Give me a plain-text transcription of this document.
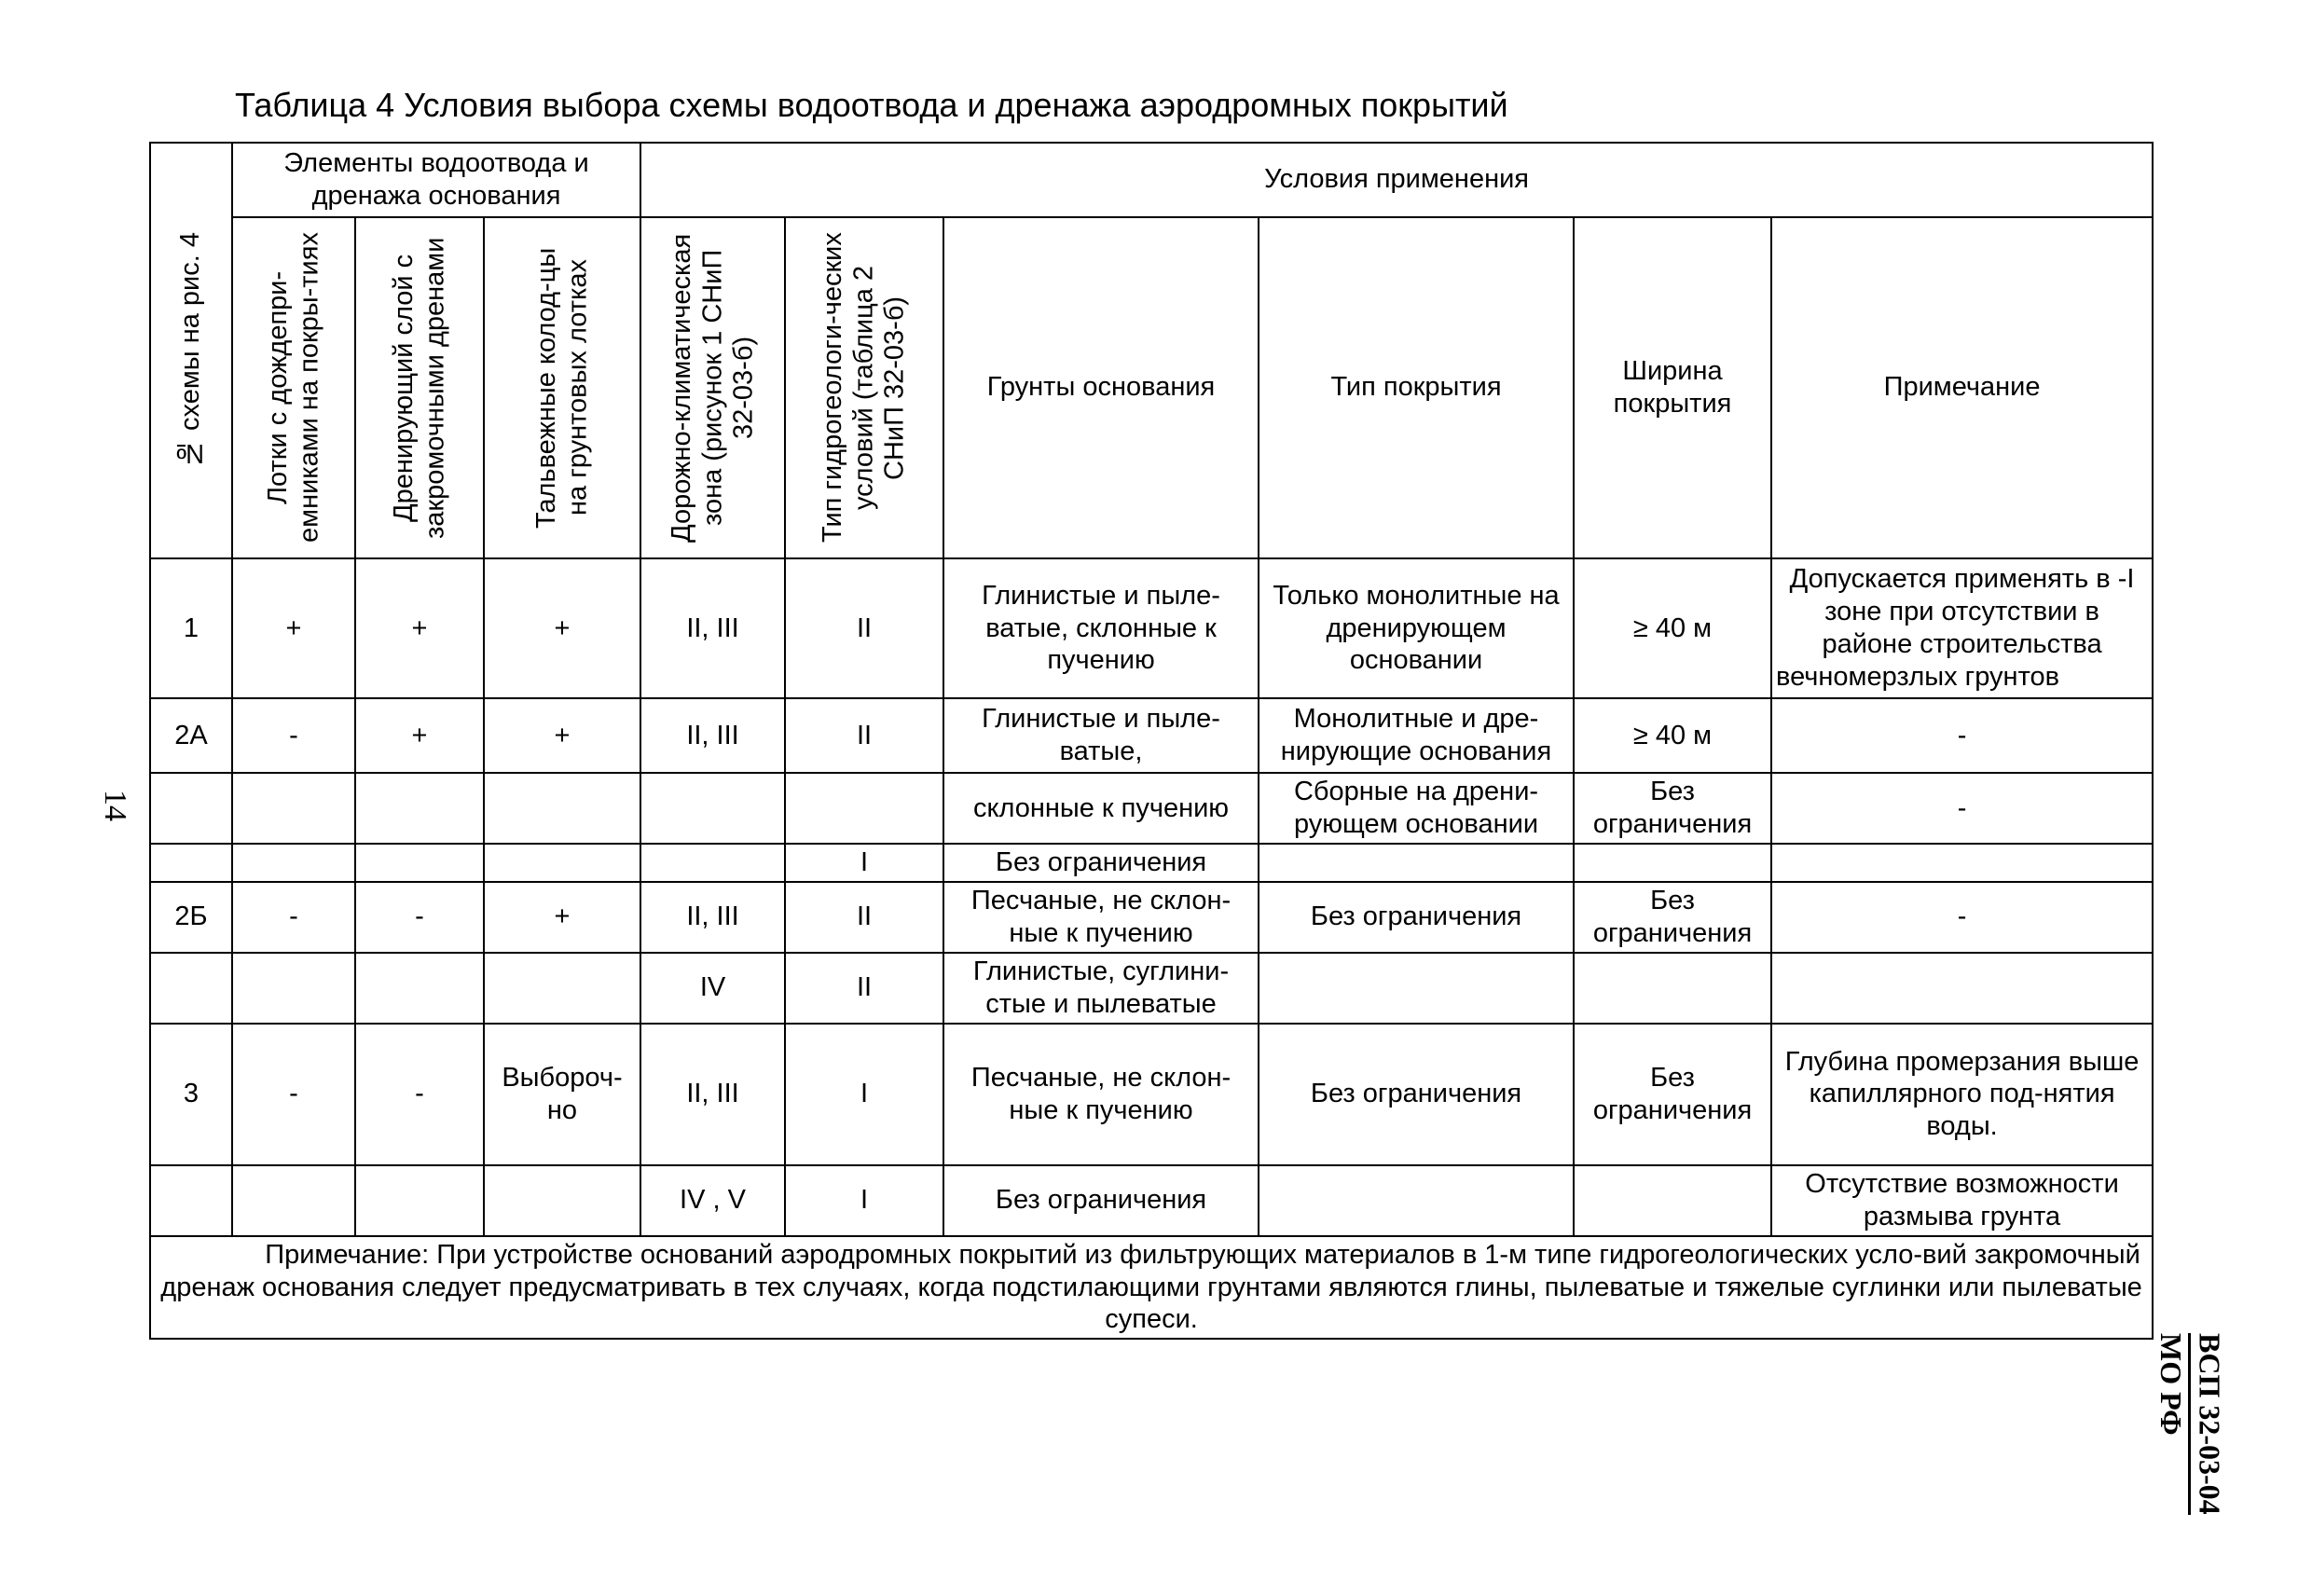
Таблица 4 Условия выбора схемы водоотвода и дренажа аэродромных покрытий
№ схемы на рис. 4	Элементы водоотвода и дренажа основания			Условия применения					

	Лотки с дождепри-емниками на покры-тиях	Дренирующий слой с закромочными дренами	Тальвежные колод-цы на грунтовых лотках	Дорожно-климатическая зона (рисунок 1 СНиП 32-03-б)	Тип гидрогеологи-ческих условий (таблица 2 СНиП 32-03-б)	Грунты основания	Тип покрытия	Ширина покрытия	Примечание
1	+	+	+	II, III	II	Глинистые и пыле-ватые, склонные к пучению	Только монолитные на дренирующем основании	≥ 40 м	Допускается применять в -I зоне при отсутствии в районе строительства вечномерзлых грунтов
2А	-	+	+	II, III	II	Глинистые и пыле-ватые,	Монолитные и дре-нирующие основания	≥ 40 м	-
						склонные к пучению	Сборные на дрени-рующем основании	Без ограничения	-
					I	Без ограничения			
2Б	-	-	+	II, III	II	Песчаные, не склон-ные к пучению	Без ограничения	Без ограничения	-
				IV	II	Глинистые, суглини-стые и пылеватые			
3	-	-	Выбороч-но	II, III	I	Песчаные, не склон-ные к пучению	Без ограничения	Без ограничения	Глубина промерзания выше капиллярного под-нятия воды.
				IV , V	I	Без ограничения			Отсутствие возможности размыва грунта
Примечание: При устройстве оснований аэродромных покрытий из фильтрующих материалов в 1-м типе гидрогеологических усло-вий закромочный дренаж основания следует предусматривать в тех случаях, когда подстилающими грунтами являются глины, пылеватые и тяжелые суглинки или пылеватые супеси.									
14
ВСП 32-03-04
МО РФ
